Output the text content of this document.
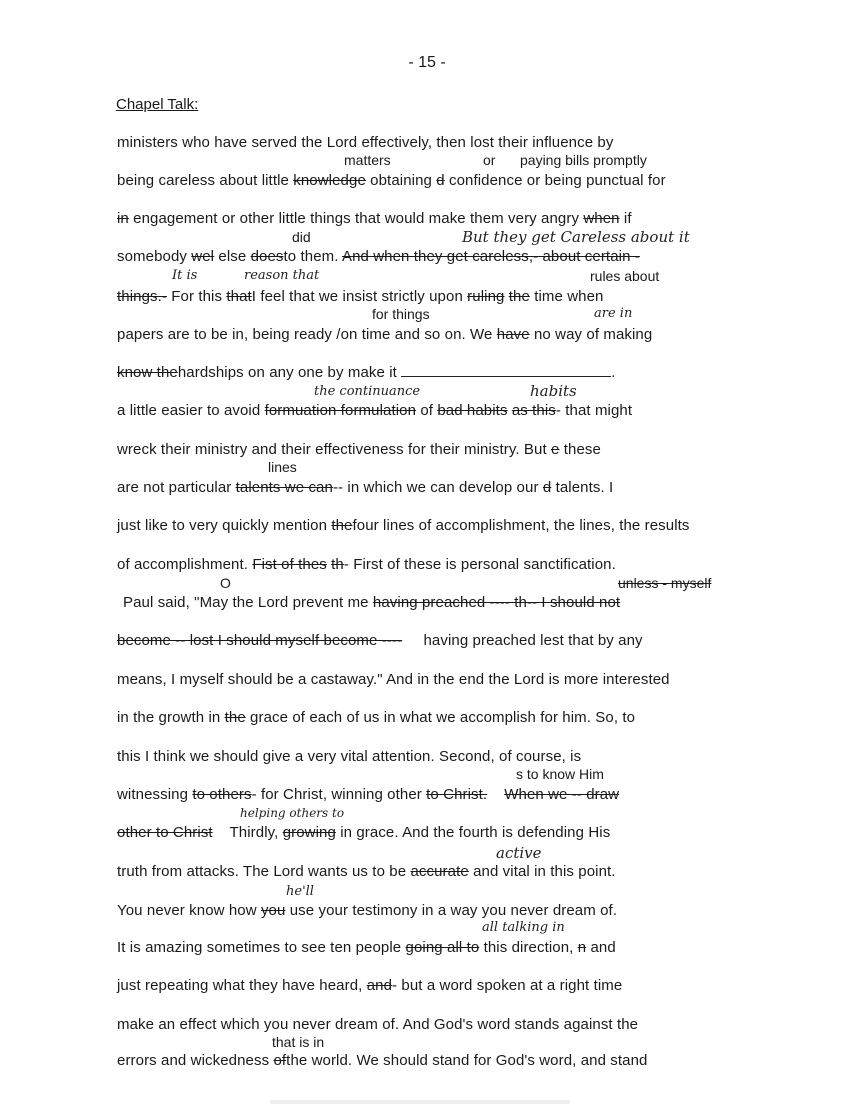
- 15 -
Chapel Talk:
ministers who have served the Lord effectively, then lost their influence by
matters	or paying bills promptly
being careless about little knowledge obtaining d confidence or being punctual for
in engagement or other little things that would make them very angry when if
did	But they get Careless about it
somebody wel else doesto them. And when they get careless,- about certain -
It is	reason that	rules about
things.- For this thatI feel that we insist strictly upon ruling the time when
for things	are in
papers are to be in, being ready /on time and so on. We have no way of making
know thehardships on any one by make it	.
the continuance	habits
a little easier to avoid formuation formulation of bad habits as this- that might
wreck their ministry and their effectiveness for their ministry. But e these
lines
are not particular talents we can-- in which we can develop our d talents. I
just like to very quickly mention thefour lines of accomplishment, the lines, the results
of accomplishment. Fist of thes th- First of these is personal sanctification.
O	unless - myself
Paul said, "May the Lord prevent me having preached ---- th-- I should not
become -- lost I should myself become ---- having preached lest that by any
means, I myself should be a castaway." And in the end the Lord is more interested
in the growth in the grace of each of us in what we accomplish for him. So, to
this I think we should give a very vital attention. Second, of course, is
s to know Him
witnessing to others- for Christ, winning other to Christ. When we -- draw
helping others to
other to Christ Thirdly, growing in grace. And the fourth is defending His
active
truth from attacks. The Lord wants us to be accurate and vital in this point.
he'll
You never know how you use your testimony in a way you never dream of.
all talking in
It is amazing sometimes to see ten people going all to this direction, n and
just repeating what they have heard, and- but a word spoken at a right time
make an effect which you never dream of. And God's word stands against the
that is in
errors and wickedness ofthe world. We should stand for God's word, and stand
